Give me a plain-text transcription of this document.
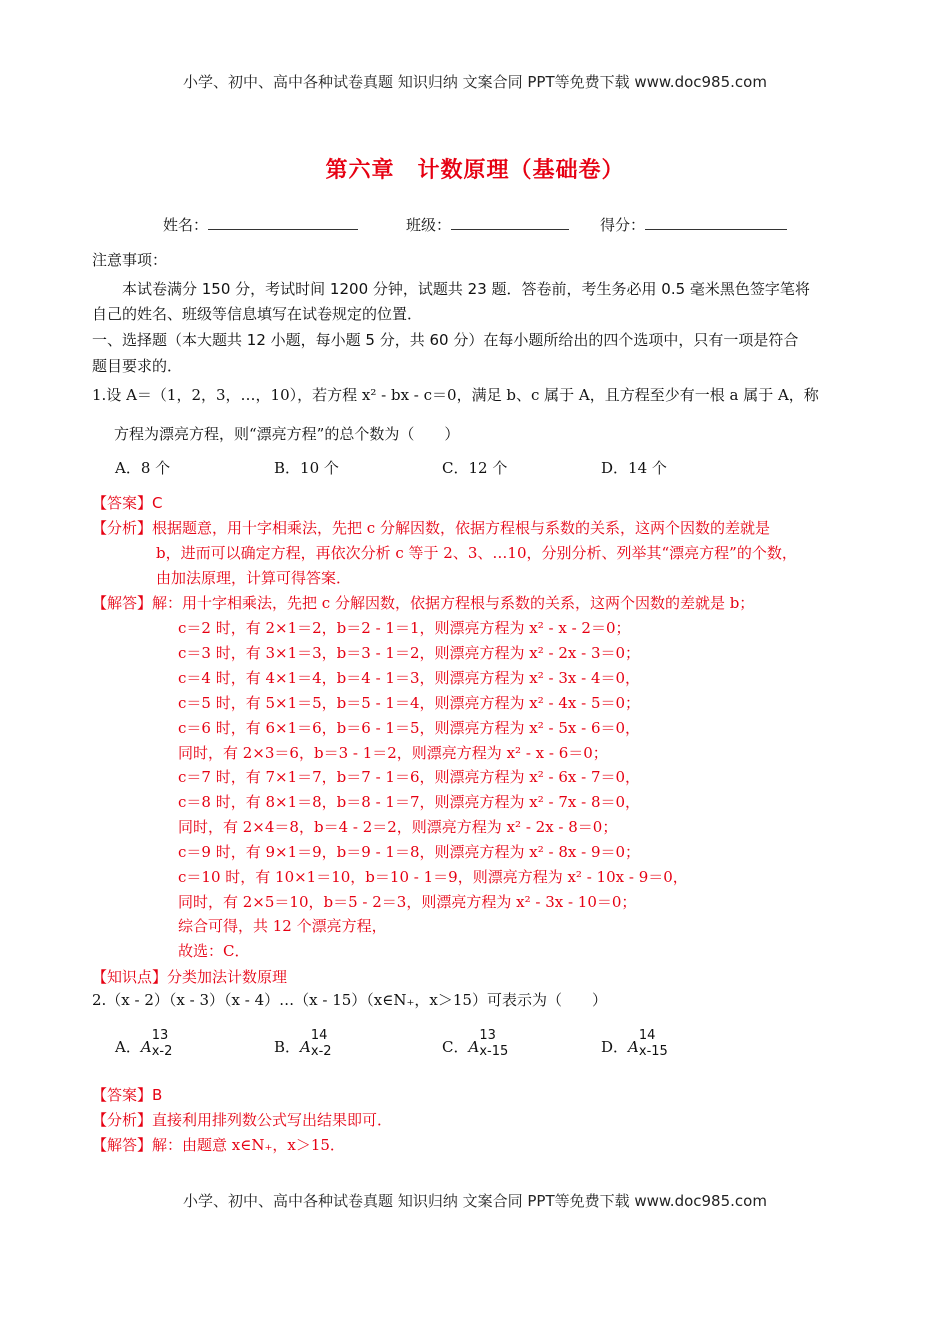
小学、初中、高中各种试卷真题 知识归纳 文案合同 PPT等免费下载 www.doc985.com
第六章　计数原理（基础卷）
姓名：	班级：	得分：
注意事项：
本试卷满分 150 分，考试时间 1200 分钟，试题共 23 题．答卷前，考生务必用 0.5 毫米黑色签字笔将
自己的姓名、班级等信息填写在试卷规定的位置．
一、选择题（本大题共 12 小题，每小题 5 分，共 60 分）在每小题所给出的四个选项中，只有一项是符合
题目要求的．
1.设 A＝（1，2，3，…，10），若方程 x² - bx - c＝0，满足 b、c 属于 A，且方程至少有一根 a 属于 A，称
方程为漂亮方程，则“漂亮方程”的总个数为（　　）
A．8 个	B．10 个	C．12 个	D．14 个
【答案】C
【分析】根据题意，用十字相乘法，先把 c 分解因数，依据方程根与系数的关系，这两个因数的差就是
b，进而可以确定方程，再依次分析 c 等于 2、3、…10，分别分析、列举其“漂亮方程”的个数，
由加法原理，计算可得答案．
【解答】解：用十字相乘法，先把 c 分解因数，依据方程根与系数的关系，这两个因数的差就是 b；
c＝2 时，有 2×1＝2，b＝2 - 1＝1，则漂亮方程为 x² - x - 2＝0；
c＝3 时，有 3×1＝3，b＝3 - 1＝2，则漂亮方程为 x² - 2x - 3＝0；
c＝4 时，有 4×1＝4，b＝4 - 1＝3，则漂亮方程为 x² - 3x - 4＝0，
c＝5 时，有 5×1＝5，b＝5 - 1＝4，则漂亮方程为 x² - 4x - 5＝0；
c＝6 时，有 6×1＝6，b＝6 - 1＝5，则漂亮方程为 x² - 5x - 6＝0，
同时，有 2×3＝6，b＝3 - 1＝2，则漂亮方程为 x² - x - 6＝0；
c＝7 时，有 7×1＝7，b＝7 - 1＝6，则漂亮方程为 x² - 6x - 7＝0，
c＝8 时，有 8×1＝8，b＝8 - 1＝7，则漂亮方程为 x² - 7x - 8＝0，
同时，有 2×4＝8，b＝4 - 2＝2，则漂亮方程为 x² - 2x - 8＝0；
c＝9 时，有 9×1＝9，b＝9 - 1＝8，则漂亮方程为 x² - 8x - 9＝0；
c＝10 时，有 10×1＝10，b＝10 - 1＝9，则漂亮方程为 x² - 10x - 9＝0，
同时，有 2×5＝10，b＝5 - 2＝3，则漂亮方程为 x² - 3x - 10＝0；
综合可得，共 12 个漂亮方程，
故选：C．
【知识点】分类加法计数原理
2.（x - 2）（x - 3）（x - 4）…（x - 15）（x∈N₊，x＞15）可表示为（　　）
A．A
13
x-2	B．A
14
x-2	C．A
13
x-15	D．A
14
x-15
【答案】B
【分析】直接利用排列数公式写出结果即可．
【解答】解：由题意 x∈N₊，x＞15．
小学、初中、高中各种试卷真题 知识归纳 文案合同 PPT等免费下载 www.doc985.com
